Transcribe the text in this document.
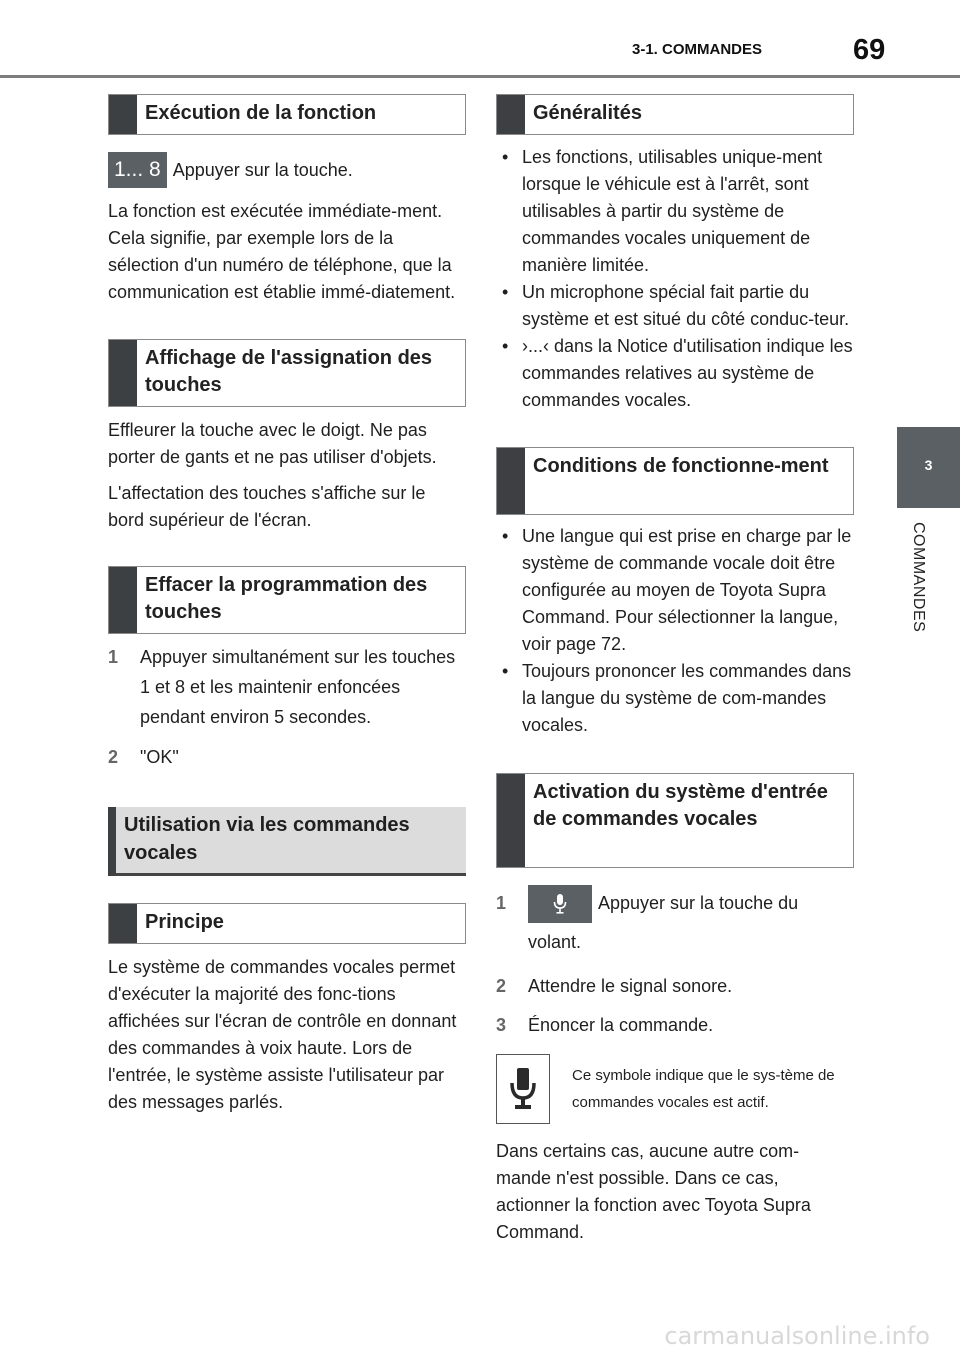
3-1. COMMANDES	69
3
COMMANDES
Exécution de la fonction
1... 8 Appuyer sur la touche.

La fonction est exécutée immédiate-ment. Cela signifie, par exemple lors de la sélection d'un numéro de téléphone, que la communication est établie immé-diatement.

Affichage de l'assignation des touches

Effleurer la touche avec le doigt. Ne pas porter de gants et ne pas utiliser d'objets.

L'affectation des touches s'affiche sur le bord supérieur de l'écran.

Effacer la programmation des touches
1	Appuyer simultanément sur les touches 1 et 8 et les maintenir enfoncées pendant environ 5 secondes.
2	"OK"
Utilisation via les commandes vocales
Principe

Le système de commandes vocales permet d'exécuter la majorité des fonc-tions affichées sur l'écran de contrôle en donnant des commandes à voix haute. Lors de l'entrée, le système assiste l'utilisateur par des messages parlés.

Généralités
• Les fonctions, utilisables unique-ment lorsque le véhicule est à l'arrêt, sont utilisables à partir du système de commandes vocales uniquement de manière limitée.
• Un microphone spécial fait partie du système et est situé du côté conduc-teur.
• ›...‹ dans la Notice d'utilisation indique les commandes relatives au système de commandes vocales.
Conditions de fonctionne-ment
• Une langue qui est prise en charge par le système de commande vocale doit être configurée au moyen de Toyota Supra Command. Pour sélectionner la langue, voir page 72.
• Toujours prononcer les commandes dans la langue du système de com-mandes vocales.
Activation du système d'entrée de commandes vocales
1	Appuyer sur la touche du volant.
2	Attendre le signal sonore.
3	Énoncer la commande.
Ce symbole indique que le sys-tème de commandes vocales est actif.

Dans certains cas, aucune autre com-mande n'est possible. Dans ce cas, actionner la fonction avec Toyota Supra Command.

carmanualsonline.info
